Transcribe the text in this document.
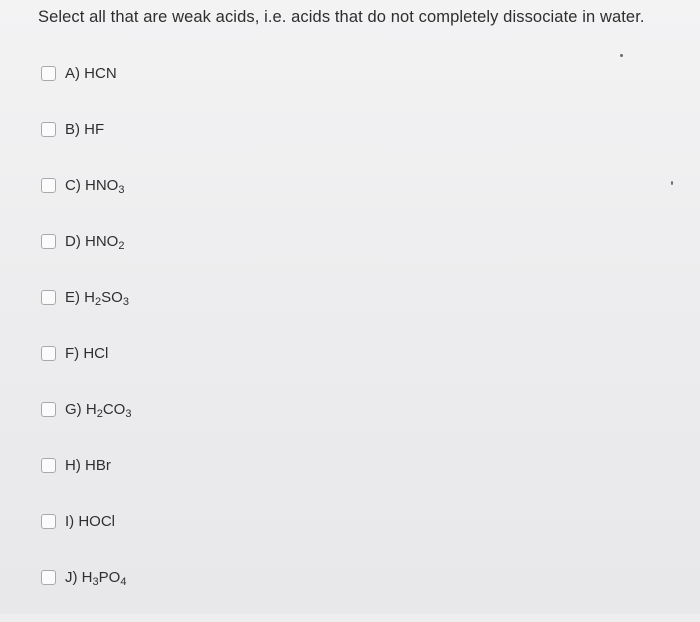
Select all that are weak acids, i.e. acids that do not completely dissociate in water.
A) HCN
B) HF
C) $HNO_3$
D) $HNO_2$
E) $H_2SO_3$
F) HCl
G) $H_2CO_3$
H) HBr
I) HOCl
J) $H_3PO_4$
